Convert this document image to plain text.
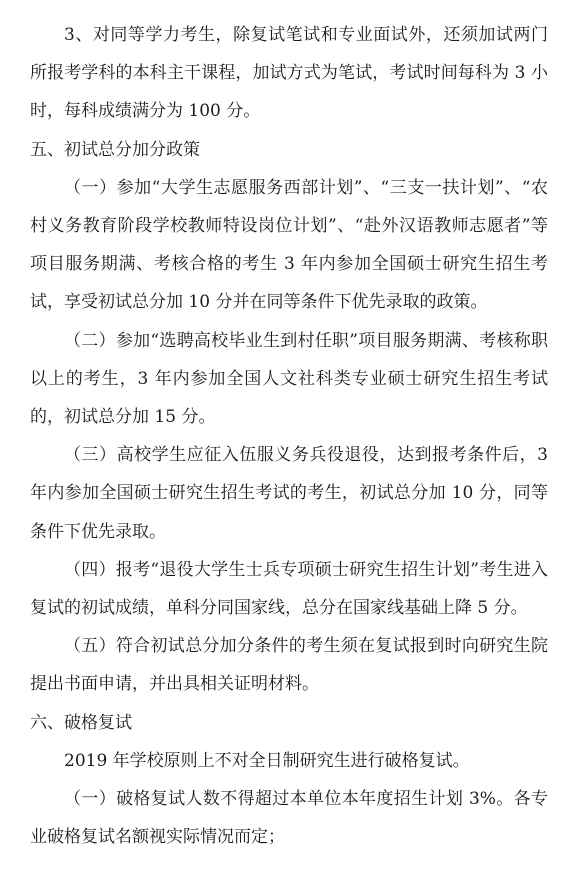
3、对同等学力考生，除复试笔试和专业面试外，还须加试两门所报考学科的本科主干课程，加试方式为笔试，考试时间每科为 3 小时，每科成绩满分为 100 分。

五、初试总分加分政策

（一）参加“大学生志愿服务西部计划”、“三支一扶计划”、“农村义务教育阶段学校教师特设岗位计划”、“赴外汉语教师志愿者”等项目服务期满、考核合格的考生 3 年内参加全国硕士研究生招生考试，享受初试总分加 10 分并在同等条件下优先录取的政策。

（二）参加“选聘高校毕业生到村任职”项目服务期满、考核称职以上的考生，3 年内参加全国人文社科类专业硕士研究生招生考试的，初试总分加 15 分。

（三）高校学生应征入伍服义务兵役退役，达到报考条件后，3 年内参加全国硕士研究生招生考试的考生，初试总分加 10 分，同等条件下优先录取。

（四）报考“退役大学生士兵专项硕士研究生招生计划”考生进入复试的初试成绩，单科分同国家线，总分在国家线基础上降 5 分。

（五）符合初试总分加分条件的考生须在复试报到时向研究生院提出书面申请，并出具相关证明材料。

六、破格复试

2019 年学校原则上不对全日制研究生进行破格复试。

（一）破格复试人数不得超过本单位本年度招生计划 3%。各专业破格复试名额视实际情况而定；
